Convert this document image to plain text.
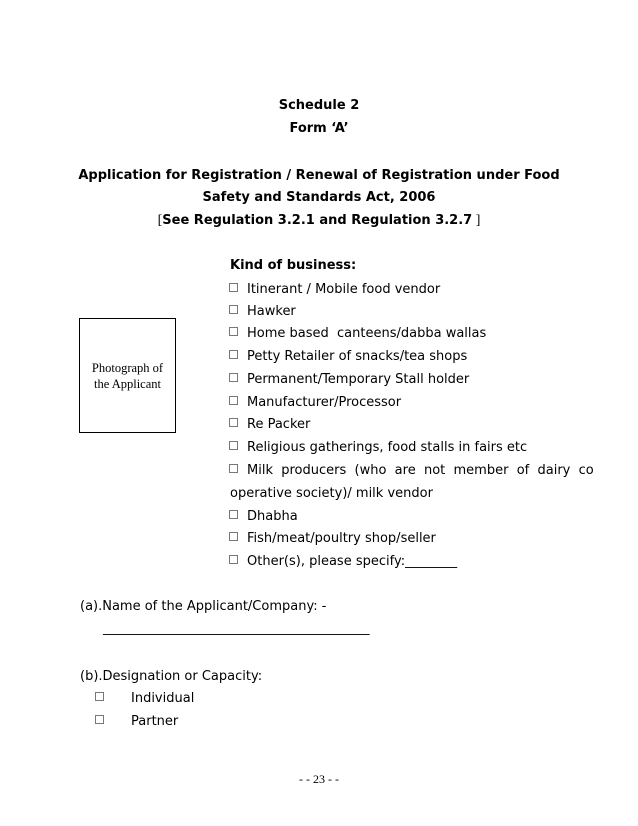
Schedule 2
Form ‘A’
Application for Registration / Renewal of Registration under Food
Safety and Standards Act, 2006
[See Regulation 3.2.1 and Regulation 3.2.7 ]
Photograph of
the Applicant
Kind of business:
Itinerant / Mobile food vendor
Hawker
Home based  canteens/dabba wallas
Petty Retailer of snacks/tea shops
Permanent/Temporary Stall holder
Manufacturer/Processor
Re Packer
Religious gatherings, food stalls in fairs etc
Milk  producers  (who  are  not  member  of  dairy  co
operative society)/ milk vendor
Dhabha
Fish/meat/poultry shop/seller
Other(s), please specify:________
(a).Name of the Applicant/Company: -
_________________________________________
(b).Designation or Capacity:
Individual
Partner
- - 23 - -
